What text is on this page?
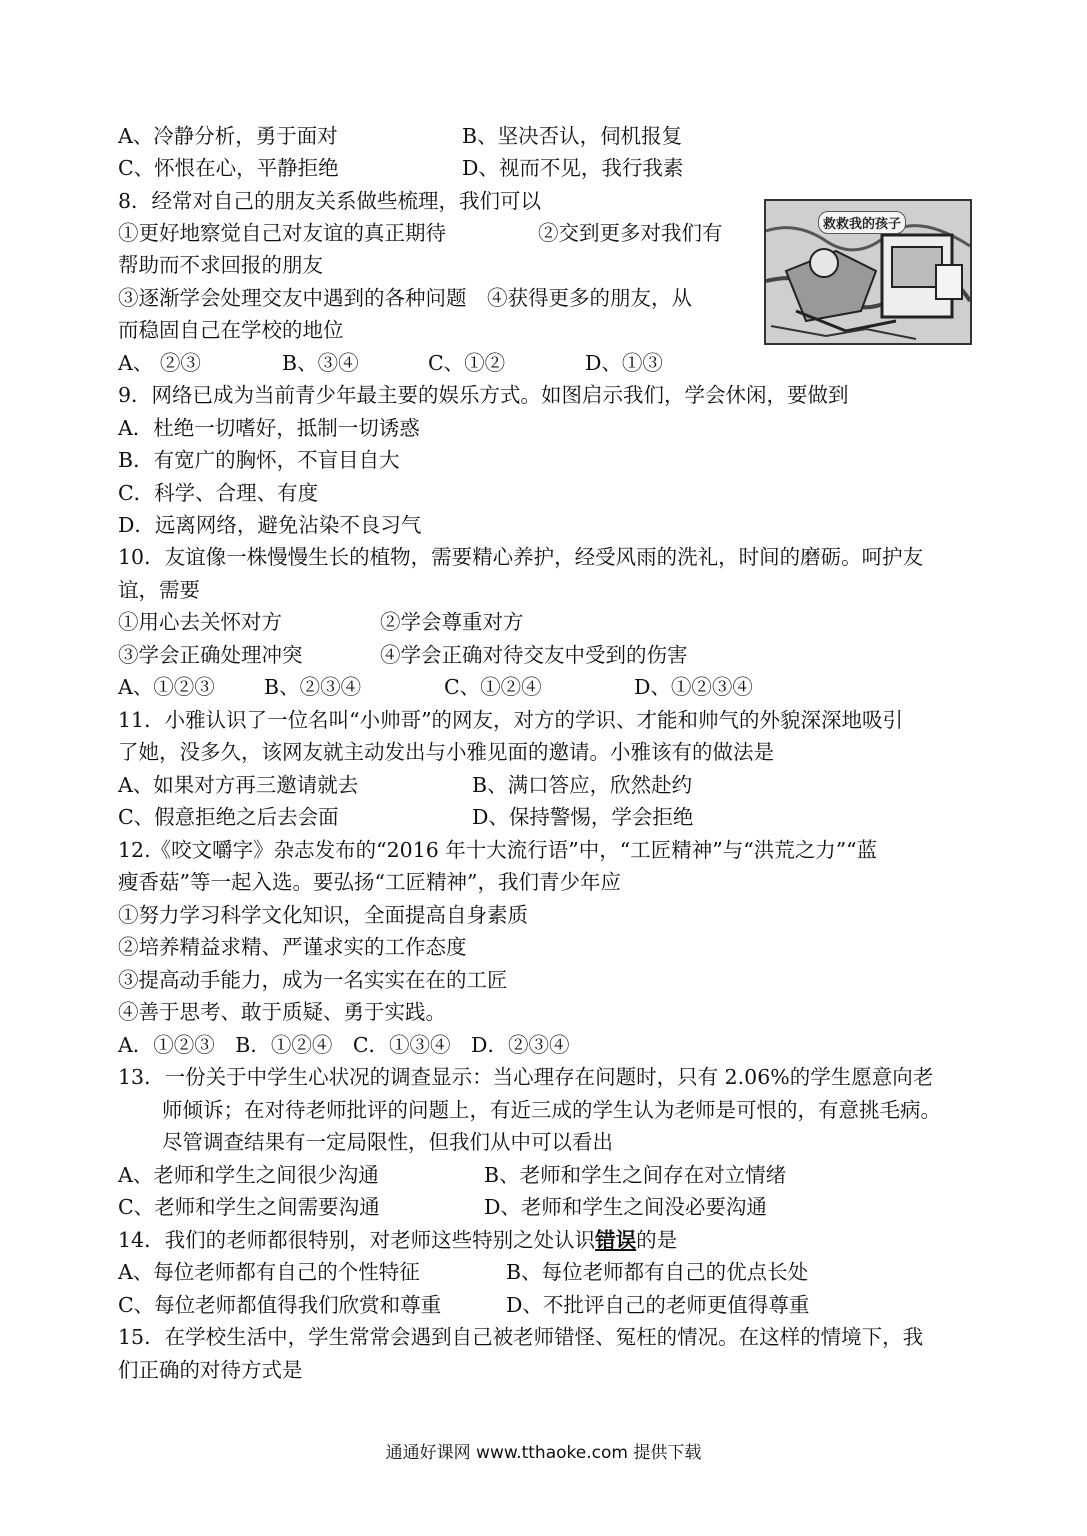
A、冷静分析，勇于面对	B、坚决否认，伺机报复
C、怀恨在心，平静拒绝	D、视而不见，我行我素
8．经常对自己的朋友关系做些梳理，我们可以
①更好地察觉自己对友谊的真正期待	②交到更多对我们有
帮助而不求回报的朋友
③逐渐学会处理交友中遇到的各种问题　④获得更多的朋友，从
而稳固自己在学校的地位
A、 ②③	B、③④	C、①②	D、①③
救救我的孩子
9．网络已成为当前青少年最主要的娱乐方式。如图启示我们，学会休闲，要做到
A．杜绝一切嗜好，抵制一切诱惑
B．有宽广的胸怀，不盲目自大
C．科学、合理、有度
D．远离网络，避免沾染不良习气
10．友谊像一株慢慢生长的植物，需要精心养护，经受风雨的洗礼，时间的磨砺。呵护友
谊，需要
①用心去关怀对方	②学会尊重对方
③学会正确处理冲突	④学会正确对待交友中受到的伤害
A、①②③ B、②③④	C、①②④	D、①②③④
11．小雅认识了一位名叫“小帅哥”的网友，对方的学识、才能和帅气的外貌深深地吸引
了她，没多久，该网友就主动发出与小雅见面的邀请。小雅该有的做法是
A、如果对方再三邀请就去	B、满口答应，欣然赴约
C、假意拒绝之后去会面	D、保持警惕，学会拒绝
12.《咬文嚼字》杂志发布的“2016 年十大流行语”中，“工匠精神”与“洪荒之力”“蓝
瘦香菇”等一起入选。要弘扬“工匠精神”，我们青少年应
①努力学习科学文化知识，全面提高自身素质
②培养精益求精、严谨求实的工作态度
③提高动手能力，成为一名实实在在的工匠
④善于思考、敢于质疑、勇于实践。
A．①②③　B．①②④　C．①③④　D．②③④
13．一份关于中学生心状况的调查显示：当心理存在问题时，只有 2.06%的学生愿意向老
师倾诉；在对待老师批评的问题上，有近三成的学生认为老师是可恨的，有意挑毛病。
尽管调查结果有一定局限性，但我们从中可以看出
A、老师和学生之间很少沟通	B、老师和学生之间存在对立情绪
C、老师和学生之间需要沟通	D、老师和学生之间没必要沟通
14．我们的老师都很特别，对老师这些特别之处认识错误的是
A、每位老师都有自己的个性特征	B、每位老师都有自己的优点长处
C、每位老师都值得我们欣赏和尊重	D、不批评自己的老师更值得尊重
15．在学校生活中，学生常常会遇到自己被老师错怪、冤枉的情况。在这样的情境下，我
们正确的对待方式是
通通好课网 www.tthaoke.com 提供下载
